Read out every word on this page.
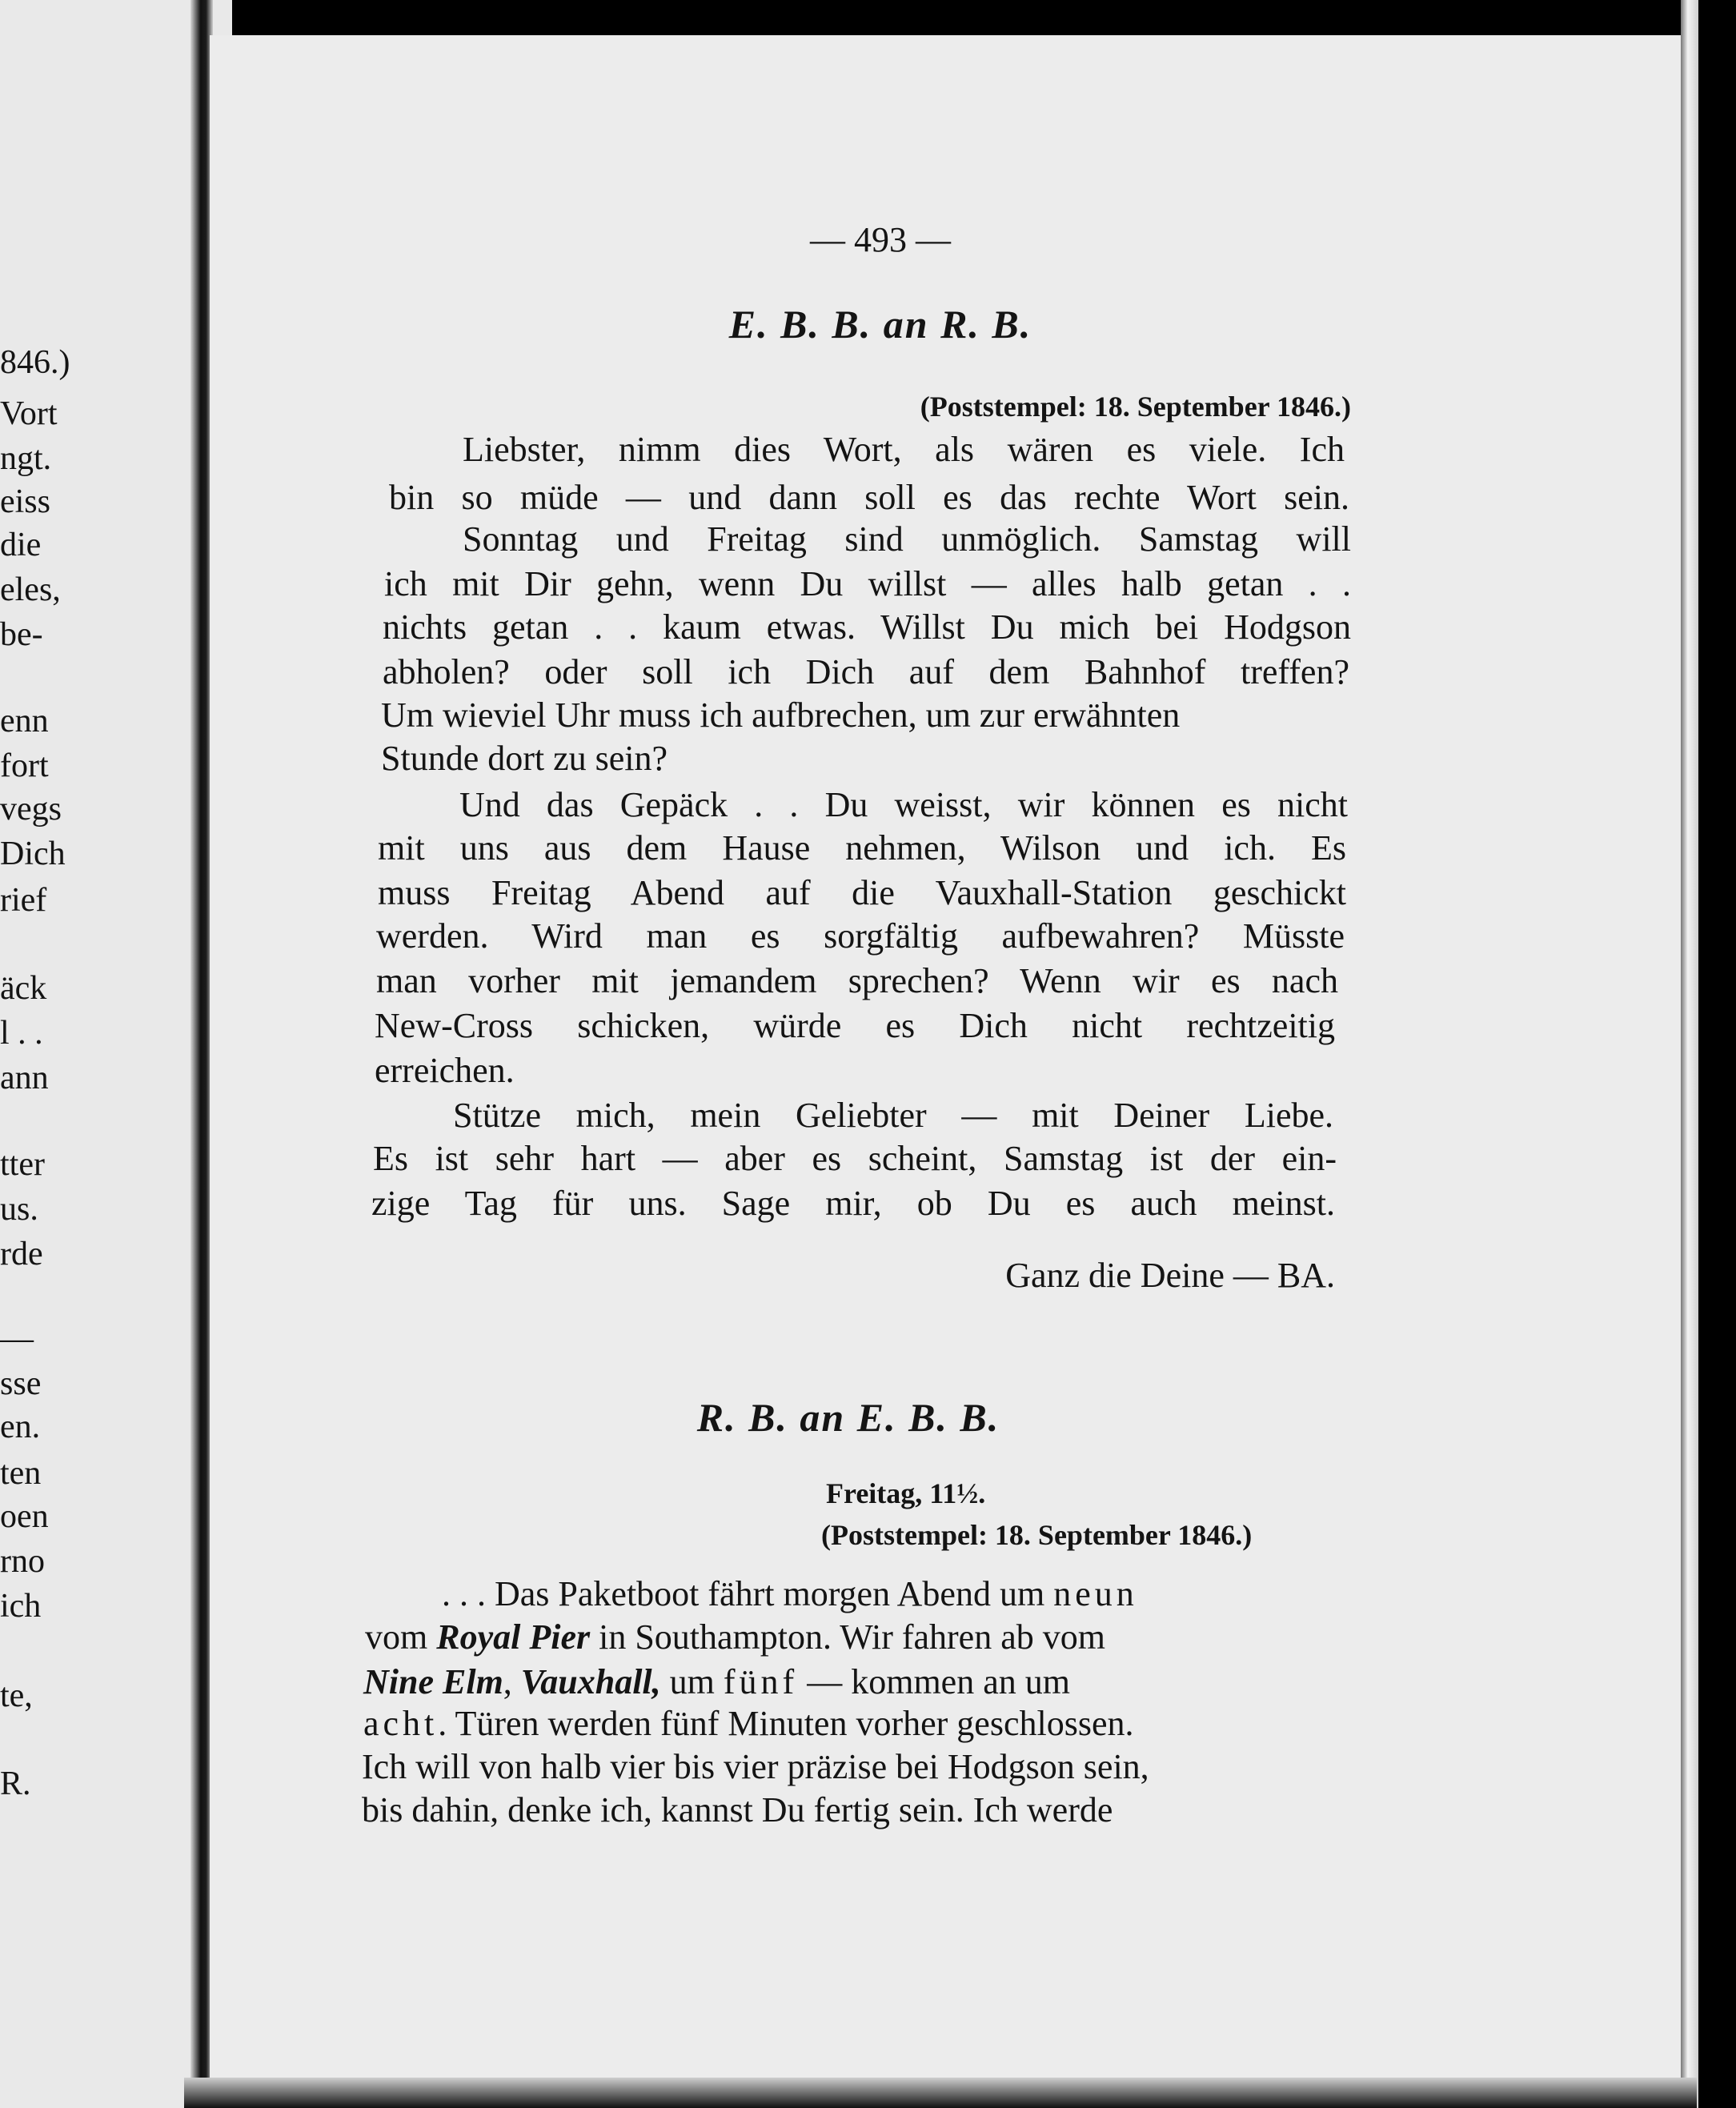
846.)
Vort
ngt.
eiss
die
eles,
be-
enn
fort
vegs
Dich
rief
äck
l . .
ann
tter
us.
rde
—
sse
en.
ten
oen
rno
ich
te,
R.
— 493 —
E. B. B. an R. B.
(Poststempel: 18. September 1846.)
Liebster, nimm dies Wort, als wären es viele. Ich
bin so müde — und dann soll es das rechte Wort sein.
Sonntag und Freitag sind unmöglich. Samstag will
ich mit Dir gehn, wenn Du willst — alles halb getan . .
nichts getan . . kaum etwas. Willst Du mich bei Hodgson
abholen? oder soll ich Dich auf dem Bahnhof treffen?
Um wieviel Uhr muss ich aufbrechen, um zur erwähnten
Stunde dort zu sein?
Und das Gepäck . . Du weisst, wir können es nicht
mit uns aus dem Hause nehmen, Wilson und ich. Es
muss Freitag Abend auf die Vauxhall-Station geschickt
werden. Wird man es sorgfältig aufbewahren? Müsste
man vorher mit jemandem sprechen? Wenn wir es nach
New-Cross schicken, würde es Dich nicht rechtzeitig
erreichen.
Stütze mich, mein Geliebter — mit Deiner Liebe.
Es ist sehr hart — aber es scheint, Samstag ist der ein-
zige Tag für uns. Sage mir, ob Du es auch meinst.
Ganz die Deine — BA.
R. B. an E. B. B.
Freitag, 11½.
(Poststempel: 18. September 1846.)
. . . Das Paketboot fährt morgen Abend um neun
vom Royal Pier in Southampton. Wir fahren ab vom
Nine Elm, Vauxhall, um fünf — kommen an um
acht. Türen werden fünf Minuten vorher geschlossen.
Ich will von halb vier bis vier präzise bei Hodgson sein,
bis dahin, denke ich, kannst Du fertig sein. Ich werde
